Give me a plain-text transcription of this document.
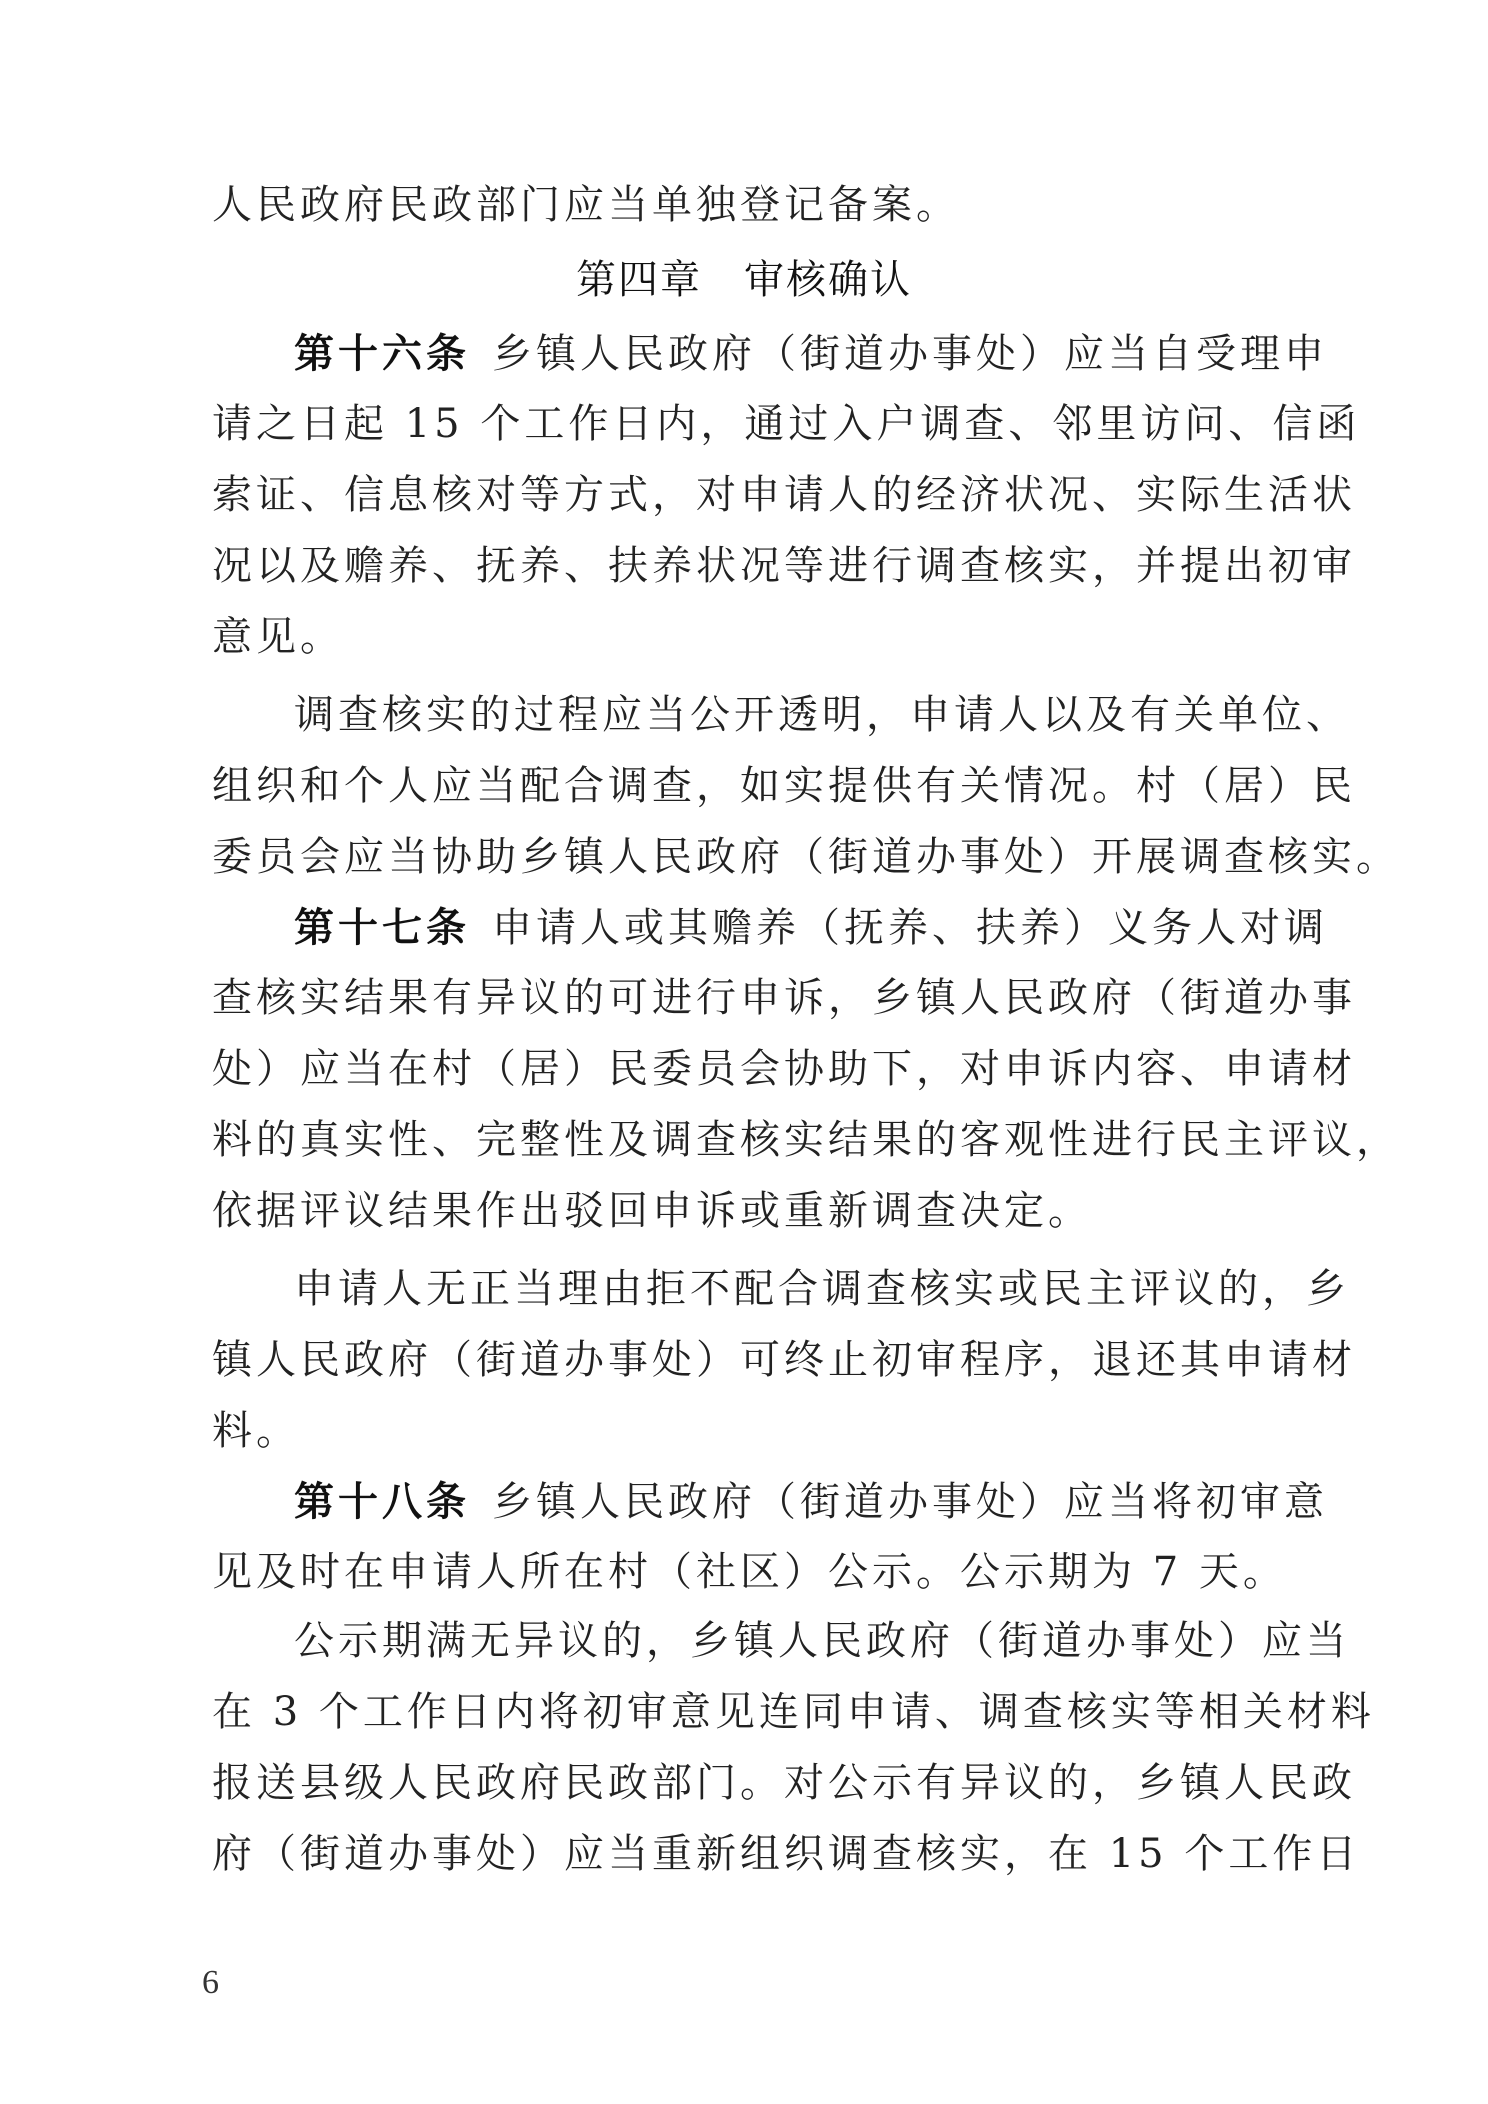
人民政府民政部门应当单独登记备案。
第四章　审核确认
第十六条 乡镇人民政府（街道办事处）应当自受理申
请之日起 15 个工作日内，通过入户调查、邻里访问、信函
索证、信息核对等方式，对申请人的经济状况、实际生活状
况以及赡养、抚养、扶养状况等进行调查核实，并提出初审
意见。
调查核实的过程应当公开透明，申请人以及有关单位、
组织和个人应当配合调查，如实提供有关情况。村（居）民
委员会应当协助乡镇人民政府（街道办事处）开展调查核实。
第十七条 申请人或其赡养（抚养、扶养）义务人对调
查核实结果有异议的可进行申诉，乡镇人民政府（街道办事
处）应当在村（居）民委员会协助下，对申诉内容、申请材
料的真实性、完整性及调查核实结果的客观性进行民主评议，
依据评议结果作出驳回申诉或重新调查决定。
申请人无正当理由拒不配合调查核实或民主评议的，乡
镇人民政府（街道办事处）可终止初审程序，退还其申请材
料。
第十八条 乡镇人民政府（街道办事处）应当将初审意
见及时在申请人所在村（社区）公示。公示期为 7 天。
公示期满无异议的，乡镇人民政府（街道办事处）应当
在 3 个工作日内将初审意见连同申请、调查核实等相关材料
报送县级人民政府民政部门。对公示有异议的，乡镇人民政
府（街道办事处）应当重新组织调查核实，在 15 个工作日
6
